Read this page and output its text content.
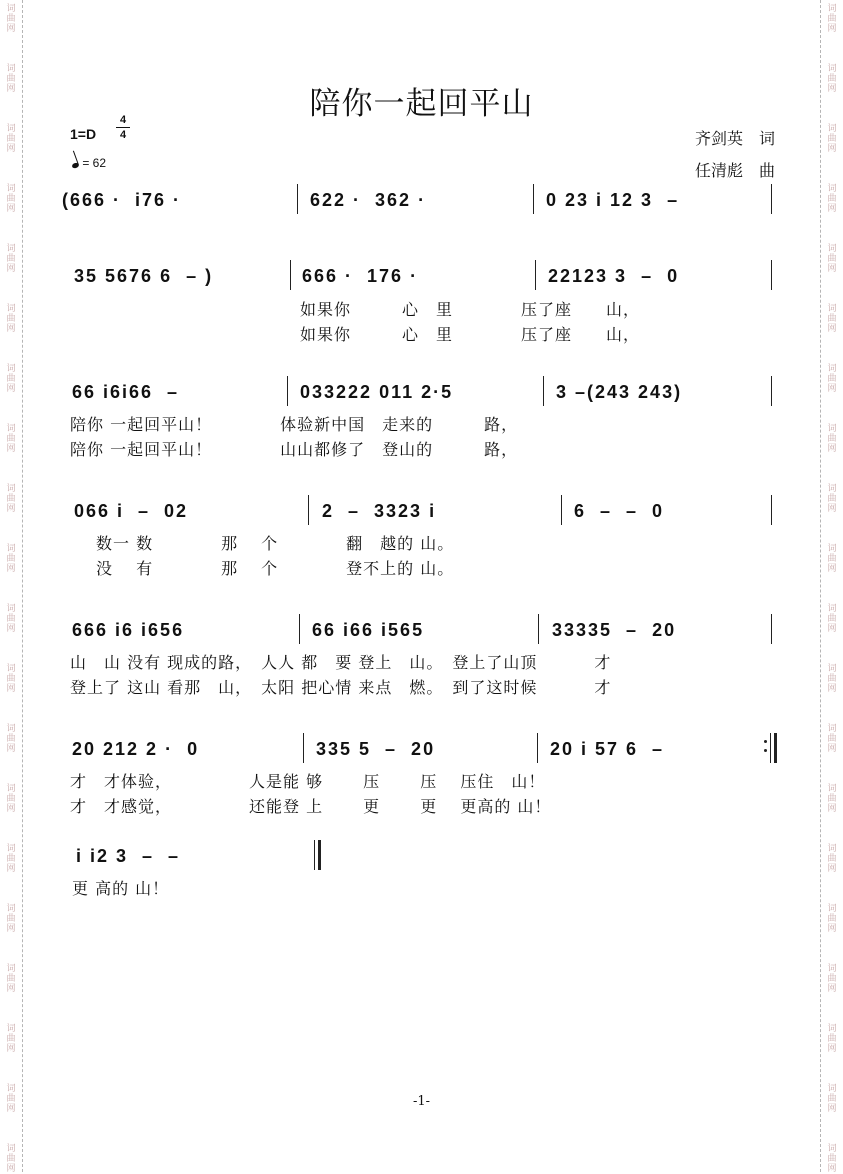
词
曲
网
词
曲
网
词
曲
网
词
曲
网
词
曲
网
词
曲
网
词
曲
网
词
曲
网
词
曲
网
词
曲
网
词
曲
网
词
曲
网
词
曲
网
词
曲
网
词
曲
网
词
曲
网
词
曲
网
词
曲
网
词
曲
网
词
曲
网
词
曲
网
词
曲
网
词
曲
网
词
曲
网
词
曲
网
词
曲
网
词
曲
网
词
曲
网
词
曲
网
词
曲
网
词
曲
网
词
曲
网
词
曲
网
词
曲
网
词
曲
网
词
曲
网
词
曲
网
词
曲
网
词
曲
网
词
曲
网
陪你一起回平山
1=D
4
4
= 62
齐剑英　词
任清彪　曲
(666 ·  i76 ·	622 ·  362 ·	0 23 i 12 3  –
35 5676 6  – )	666 ·  176 ·	22123 3  –  0
如果你　　　心　里　　　　压了座　　山，
如果你　　　心　里　　　　压了座　　山，
66 i6i66  –	033222 011 2·5	3 –(243 243)
陪你 一起回平山！　　　　体验新中国　走来的　　　路，
陪你 一起回平山！　　　　山山都修了　登山的　　　路，
066 i  –  02	2  –  3323 i	6  –  –  0
数一 数　　　　那　 个　　　　翻　越的 山。
没　 有　　　　那　 个　　　　登不上的 山。
666 i6 i656	66 i66 i565	33335  –  20
山　山 没有 现成的路，　人人 都　要 登上　山。　登上了山顶　　　 才
登上了 这山 看那　山，　太阳 把心情 来点　燃。　到了这时候　　　 才
20 212 2 ·  0	335 5  –  20	20 i 57 6  –
才　才体验，　　　　　人是能 够　　 压　　 压　 压住　山！
才　才感觉，　　　　　还能登 上　　 更　　 更　 更高的 山！
i i2 3  –  –
更 高的 山！
-1-
